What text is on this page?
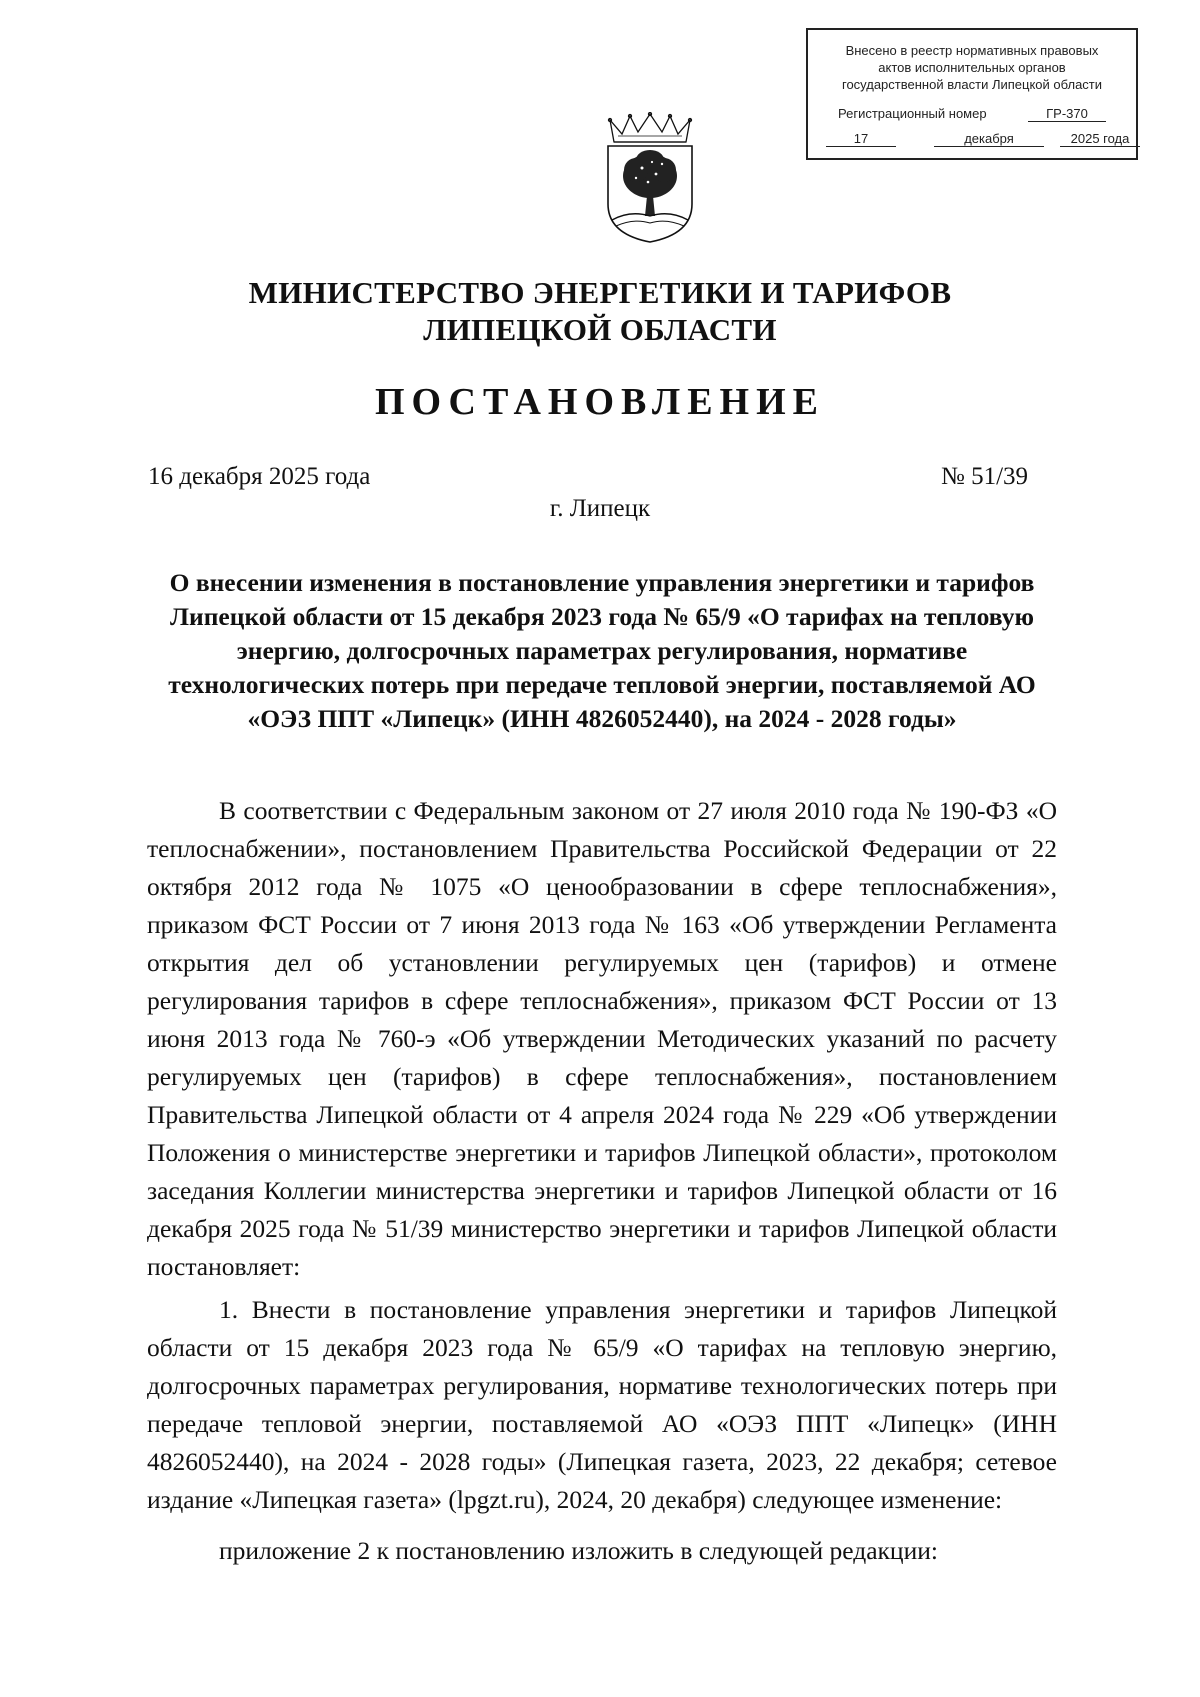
Внесено в реестр нормативных правовых
актов исполнительных органов
государственной власти Липецкой области
Регистрационный номер	ГР-370
17	декабря	2025 года
МИНИСТЕРСТВО ЭНЕРГЕТИКИ И ТАРИФОВ
ЛИПЕЦКОЙ ОБЛАСТИ
ПОСТАНОВЛЕНИЕ
16 декабря 2025 года	№ 51/39
г. Липецк
О внесении изменения в постановление управления энергетики и тарифов Липецкой области от 15 декабря 2023 года № 65/9 «О тарифах на тепловую энергию, долгосрочных параметрах регулирования, нормативе технологических потерь при передаче тепловой энергии, поставляемой АО «ОЭЗ ППТ «Липецк» (ИНН 4826052440), на 2024 - 2028 годы»

В соответствии с Федеральным законом от 27 июля 2010 года № 190-ФЗ «О теплоснабжении», постановлением Правительства Российской Федерации от 22 октября 2012 года № 1075 «О ценообразовании в сфере теплоснабжения», приказом ФСТ России от 7 июня 2013 года № 163 «Об утверждении Регламента открытия дел об установлении регулируемых цен (тарифов) и отмене регулирования тарифов в сфере теплоснабжения», приказом ФСТ России от 13 июня 2013 года № 760-э «Об утверждении Методических указаний по расчету регулируемых цен (тарифов) в сфере теплоснабжения», постановлением Правительства Липецкой области от 4 апреля 2024 года № 229 «Об утверждении Положения о министерстве энергетики и тарифов Липецкой области», протоколом заседания Коллегии министерства энергетики и тарифов Липецкой области от 16 декабря 2025 года № 51/39 министерство энергетики и тарифов Липецкой области постановляет:

1. Внести в постановление управления энергетики и тарифов Липецкой области от 15 декабря 2023 года № 65/9 «О тарифах на тепловую энергию, долгосрочных параметрах регулирования, нормативе технологических потерь при передаче тепловой энергии, поставляемой АО «ОЭЗ ППТ «Липецк» (ИНН 4826052440), на 2024 - 2028 годы» (Липецкая газета, 2023, 22 декабря; сетевое издание «Липецкая газета» (lpgzt.ru), 2024, 20 декабря) следующее изменение:

приложение 2 к постановлению изложить в следующей редакции:
